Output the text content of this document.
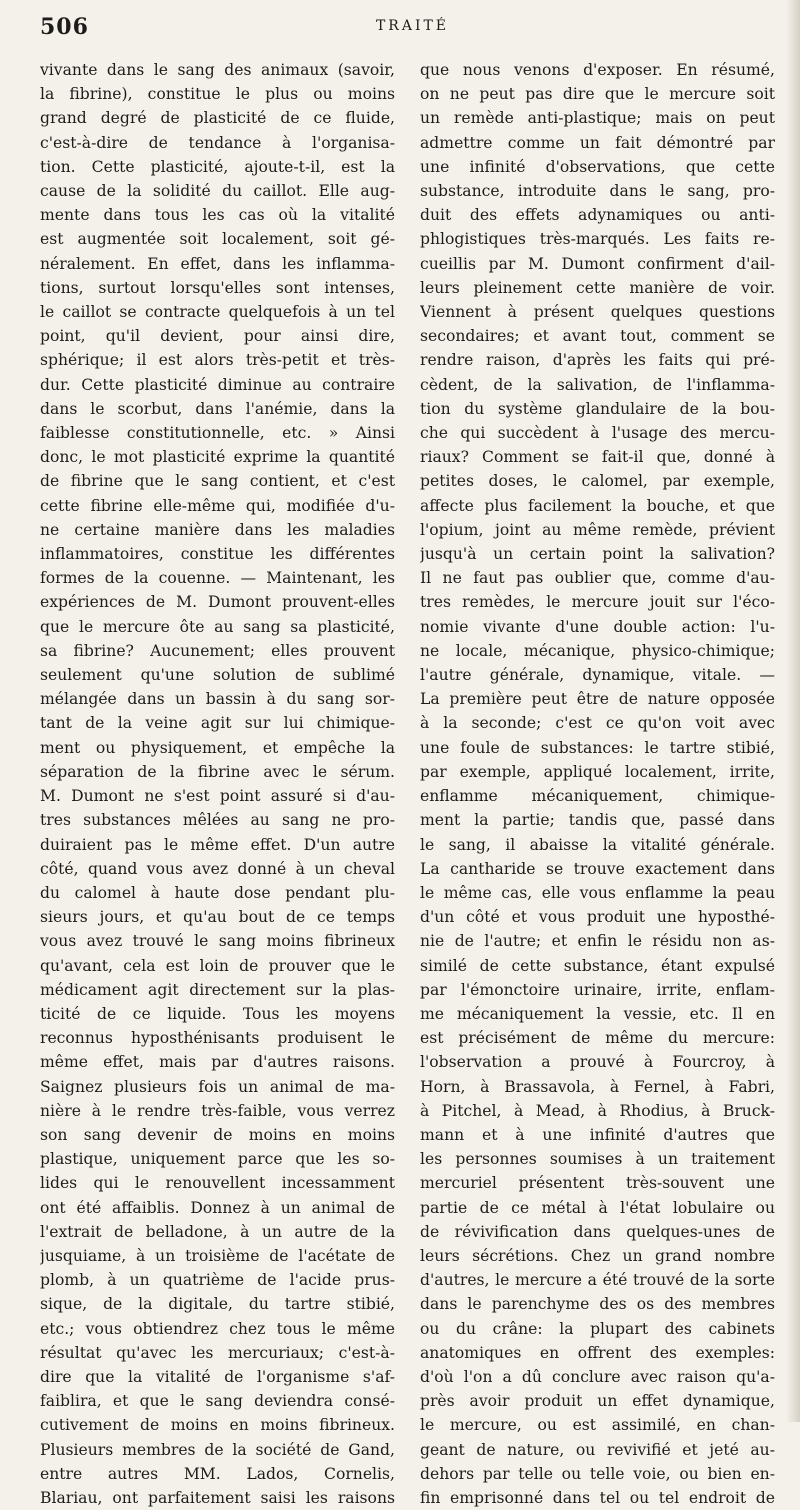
506	TRAITÉ
vivante dans le sang des animaux (savoir,
la fibrine), constitue le plus ou moins
grand degré de plasticité de ce fluide,
c'est-à-dire de tendance à l'organisa-
tion. Cette plasticité, ajoute-t-il, est la
cause de la solidité du caillot. Elle aug-
mente dans tous les cas où la vitalité
est augmentée soit localement, soit gé-
néralement. En effet, dans les inflamma-
tions, surtout lorsqu'elles sont intenses,
le caillot se contracte quelquefois à un tel
point, qu'il devient, pour ainsi dire,
sphérique; il est alors très-petit et très-
dur. Cette plasticité diminue au contraire
dans le scorbut, dans l'anémie, dans la
faiblesse constitutionnelle, etc. » Ainsi
donc, le mot plasticité exprime la quantité
de fibrine que le sang contient, et c'est
cette fibrine elle-même qui, modifiée d'u-
ne certaine manière dans les maladies
inflammatoires, constitue les différentes
formes de la couenne. — Maintenant, les
expériences de M. Dumont prouvent-elles
que le mercure ôte au sang sa plasticité,
sa fibrine? Aucunement; elles prouvent
seulement qu'une solution de sublimé
mélangée dans un bassin à du sang sor-
tant de la veine agit sur lui chimique-
ment ou physiquement, et empêche la
séparation de la fibrine avec le sérum.
M. Dumont ne s'est point assuré si d'au-
tres substances mêlées au sang ne pro-
duiraient pas le même effet. D'un autre
côté, quand vous avez donné à un cheval
du calomel à haute dose pendant plu-
sieurs jours, et qu'au bout de ce temps
vous avez trouvé le sang moins fibrineux
qu'avant, cela est loin de prouver que le
médicament agit directement sur la plas-
ticité de ce liquide. Tous les moyens
reconnus hyposthénisants produisent le
même effet, mais par d'autres raisons.
Saignez plusieurs fois un animal de ma-
nière à le rendre très-faible, vous verrez
son sang devenir de moins en moins
plastique, uniquement parce que les so-
lides qui le renouvellent incessamment
ont été affaiblis. Donnez à un animal de
l'extrait de belladone, à un autre de la
jusquiame, à un troisième de l'acétate de
plomb, à un quatrième de l'acide prus-
sique, de la digitale, du tartre stibié,
etc.; vous obtiendrez chez tous le même
résultat qu'avec les mercuriaux; c'est-à-
dire que la vitalité de l'organisme s'af-
faiblira, et que le sang deviendra consé-
cutivement de moins en moins fibrineux.
Plusieurs membres de la société de Gand,
entre autres MM. Lados, Cornelis,
Blariau, ont parfaitement saisi les raisons
que nous venons d'exposer. En résumé,
on ne peut pas dire que le mercure soit
un remède anti-plastique; mais on peut
admettre comme un fait démontré par
une infinité d'observations, que cette
substance, introduite dans le sang, pro-
duit des effets adynamiques ou anti-
phlogistiques très-marqués. Les faits re-
cueillis par M. Dumont confirment d'ail-
leurs pleinement cette manière de voir.
Viennent à présent quelques questions
secondaires; et avant tout, comment se
rendre raison, d'après les faits qui pré-
cèdent, de la salivation, de l'inflamma-
tion du système glandulaire de la bou-
che qui succèdent à l'usage des mercu-
riaux? Comment se fait-il que, donné à
petites doses, le calomel, par exemple,
affecte plus facilement la bouche, et que
l'opium, joint au même remède, prévient
jusqu'à un certain point la salivation?
Il ne faut pas oublier que, comme d'au-
tres remèdes, le mercure jouit sur l'éco-
nomie vivante d'une double action: l'u-
ne locale, mécanique, physico-chimique;
l'autre générale, dynamique, vitale. —
La première peut être de nature opposée
à la seconde; c'est ce qu'on voit avec
une foule de substances: le tartre stibié,
par exemple, appliqué localement, irrite,
enflamme mécaniquement, chimique-
ment la partie; tandis que, passé dans
le sang, il abaisse la vitalité générale.
La cantharide se trouve exactement dans
le même cas, elle vous enflamme la peau
d'un côté et vous produit une hyposthé-
nie de l'autre; et enfin le résidu non as-
similé de cette substance, étant expulsé
par l'émonctoire urinaire, irrite, enflam-
me mécaniquement la vessie, etc. Il en
est précisément de même du mercure:
l'observation a prouvé à Fourcroy, à
Horn, à Brassavola, à Fernel, à Fabri,
à Pitchel, à Mead, à Rhodius, à Bruck-
mann et à une infinité d'autres que
les personnes soumises à un traitement
mercuriel présentent très-souvent une
partie de ce métal à l'état lobulaire ou
de révivification dans quelques-unes de
leurs sécrétions. Chez un grand nombre
d'autres, le mercure a été trouvé de la sorte
dans le parenchyme des os des membres
ou du crâne: la plupart des cabinets
anatomiques en offrent des exemples:
d'où l'on a dû conclure avec raison qu'a-
près avoir produit un effet dynamique,
le mercure, ou est assimilé, en chan-
geant de nature, ou revivifié et jeté au-
dehors par telle ou telle voie, ou bien en-
fin emprisonné dans tel ou tel endroit de
